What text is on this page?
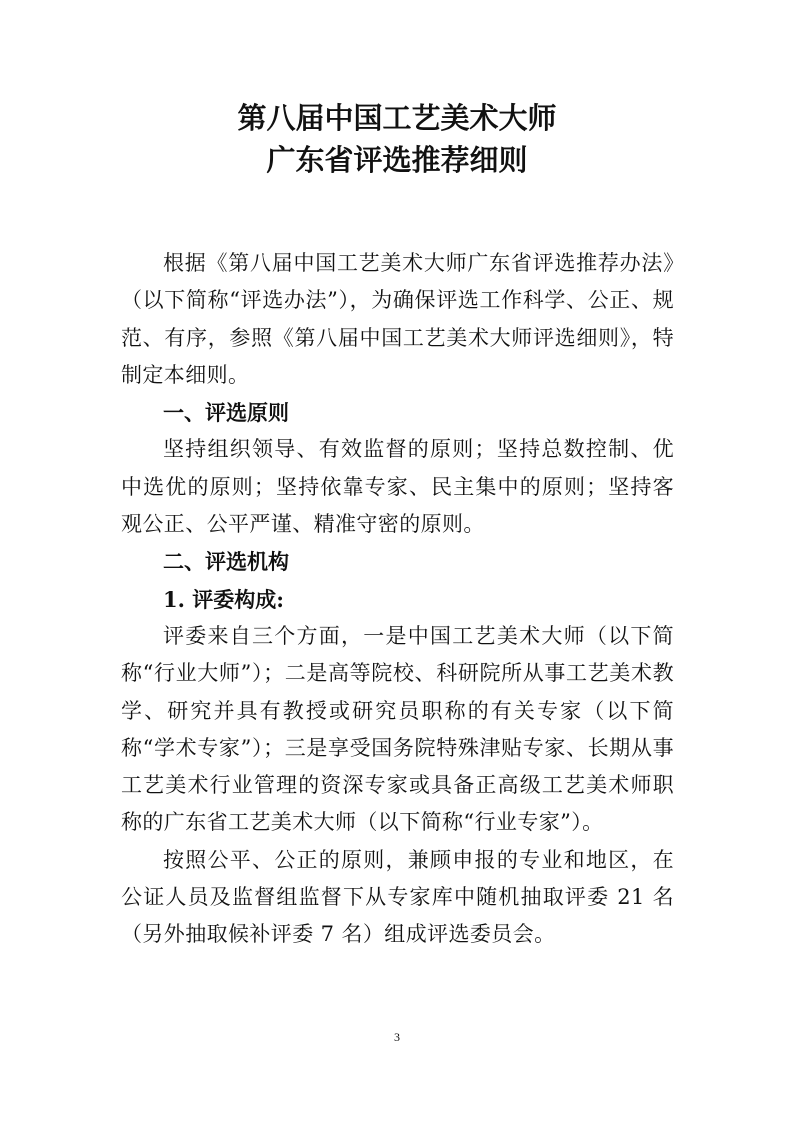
第八届中国工艺美术大师
广东省评选推荐细则

根据《第八届中国工艺美术大师广东省评选推荐办法》（以下简称“评选办法”），为确保评选工作科学、公正、规范、有序，参照《第八届中国工艺美术大师评选细则》，特制定本细则。

一、评选原则

坚持组织领导、有效监督的原则；坚持总数控制、优中选优的原则；坚持依靠专家、民主集中的原则；坚持客观公正、公平严谨、精准守密的原则。

二、评选机构

1. 评委构成:

评委来自三个方面，一是中国工艺美术大师（以下简称“行业大师”）；二是高等院校、科研院所从事工艺美术教学、研究并具有教授或研究员职称的有关专家（以下简称“学术专家”）；三是享受国务院特殊津贴专家、长期从事工艺美术行业管理的资深专家或具备正高级工艺美术师职称的广东省工艺美术大师（以下简称“行业专家”）。

按照公平、公正的原则，兼顾申报的专业和地区，在公证人员及监督组监督下从专家库中随机抽取评委 21 名（另外抽取候补评委 7 名）组成评选委员会。

3
